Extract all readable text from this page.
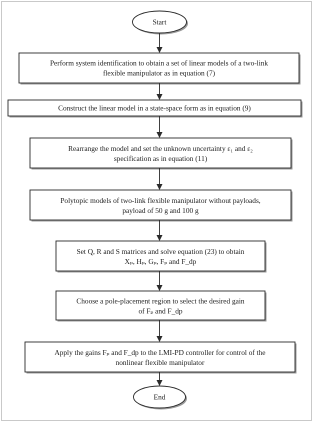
Start
Perform system identification to obtain a set of linear models of a two-link
flexible manipulator as in equation (7)
Construct the linear model in a state-space form as in equation (9)
Rearrange the model and set the unknown uncertainty ε₁ and ε₂
specification as in equation (11)
Polytopic models of two-link flexible manipulator without payloads,
payload of 50 g and 100 g
Set Q, R and S matrices and solve equation (23) to obtain
Xₚ, Hₚ, Gₚ, Fₚ and F_dp
Choose a pole-placement region to select the desired gain
of Fₚ and F_dp
Apply the gains Fₚ and F_dp to the LMI-PD controller for control of the
nonlinear flexible manipulator
End
